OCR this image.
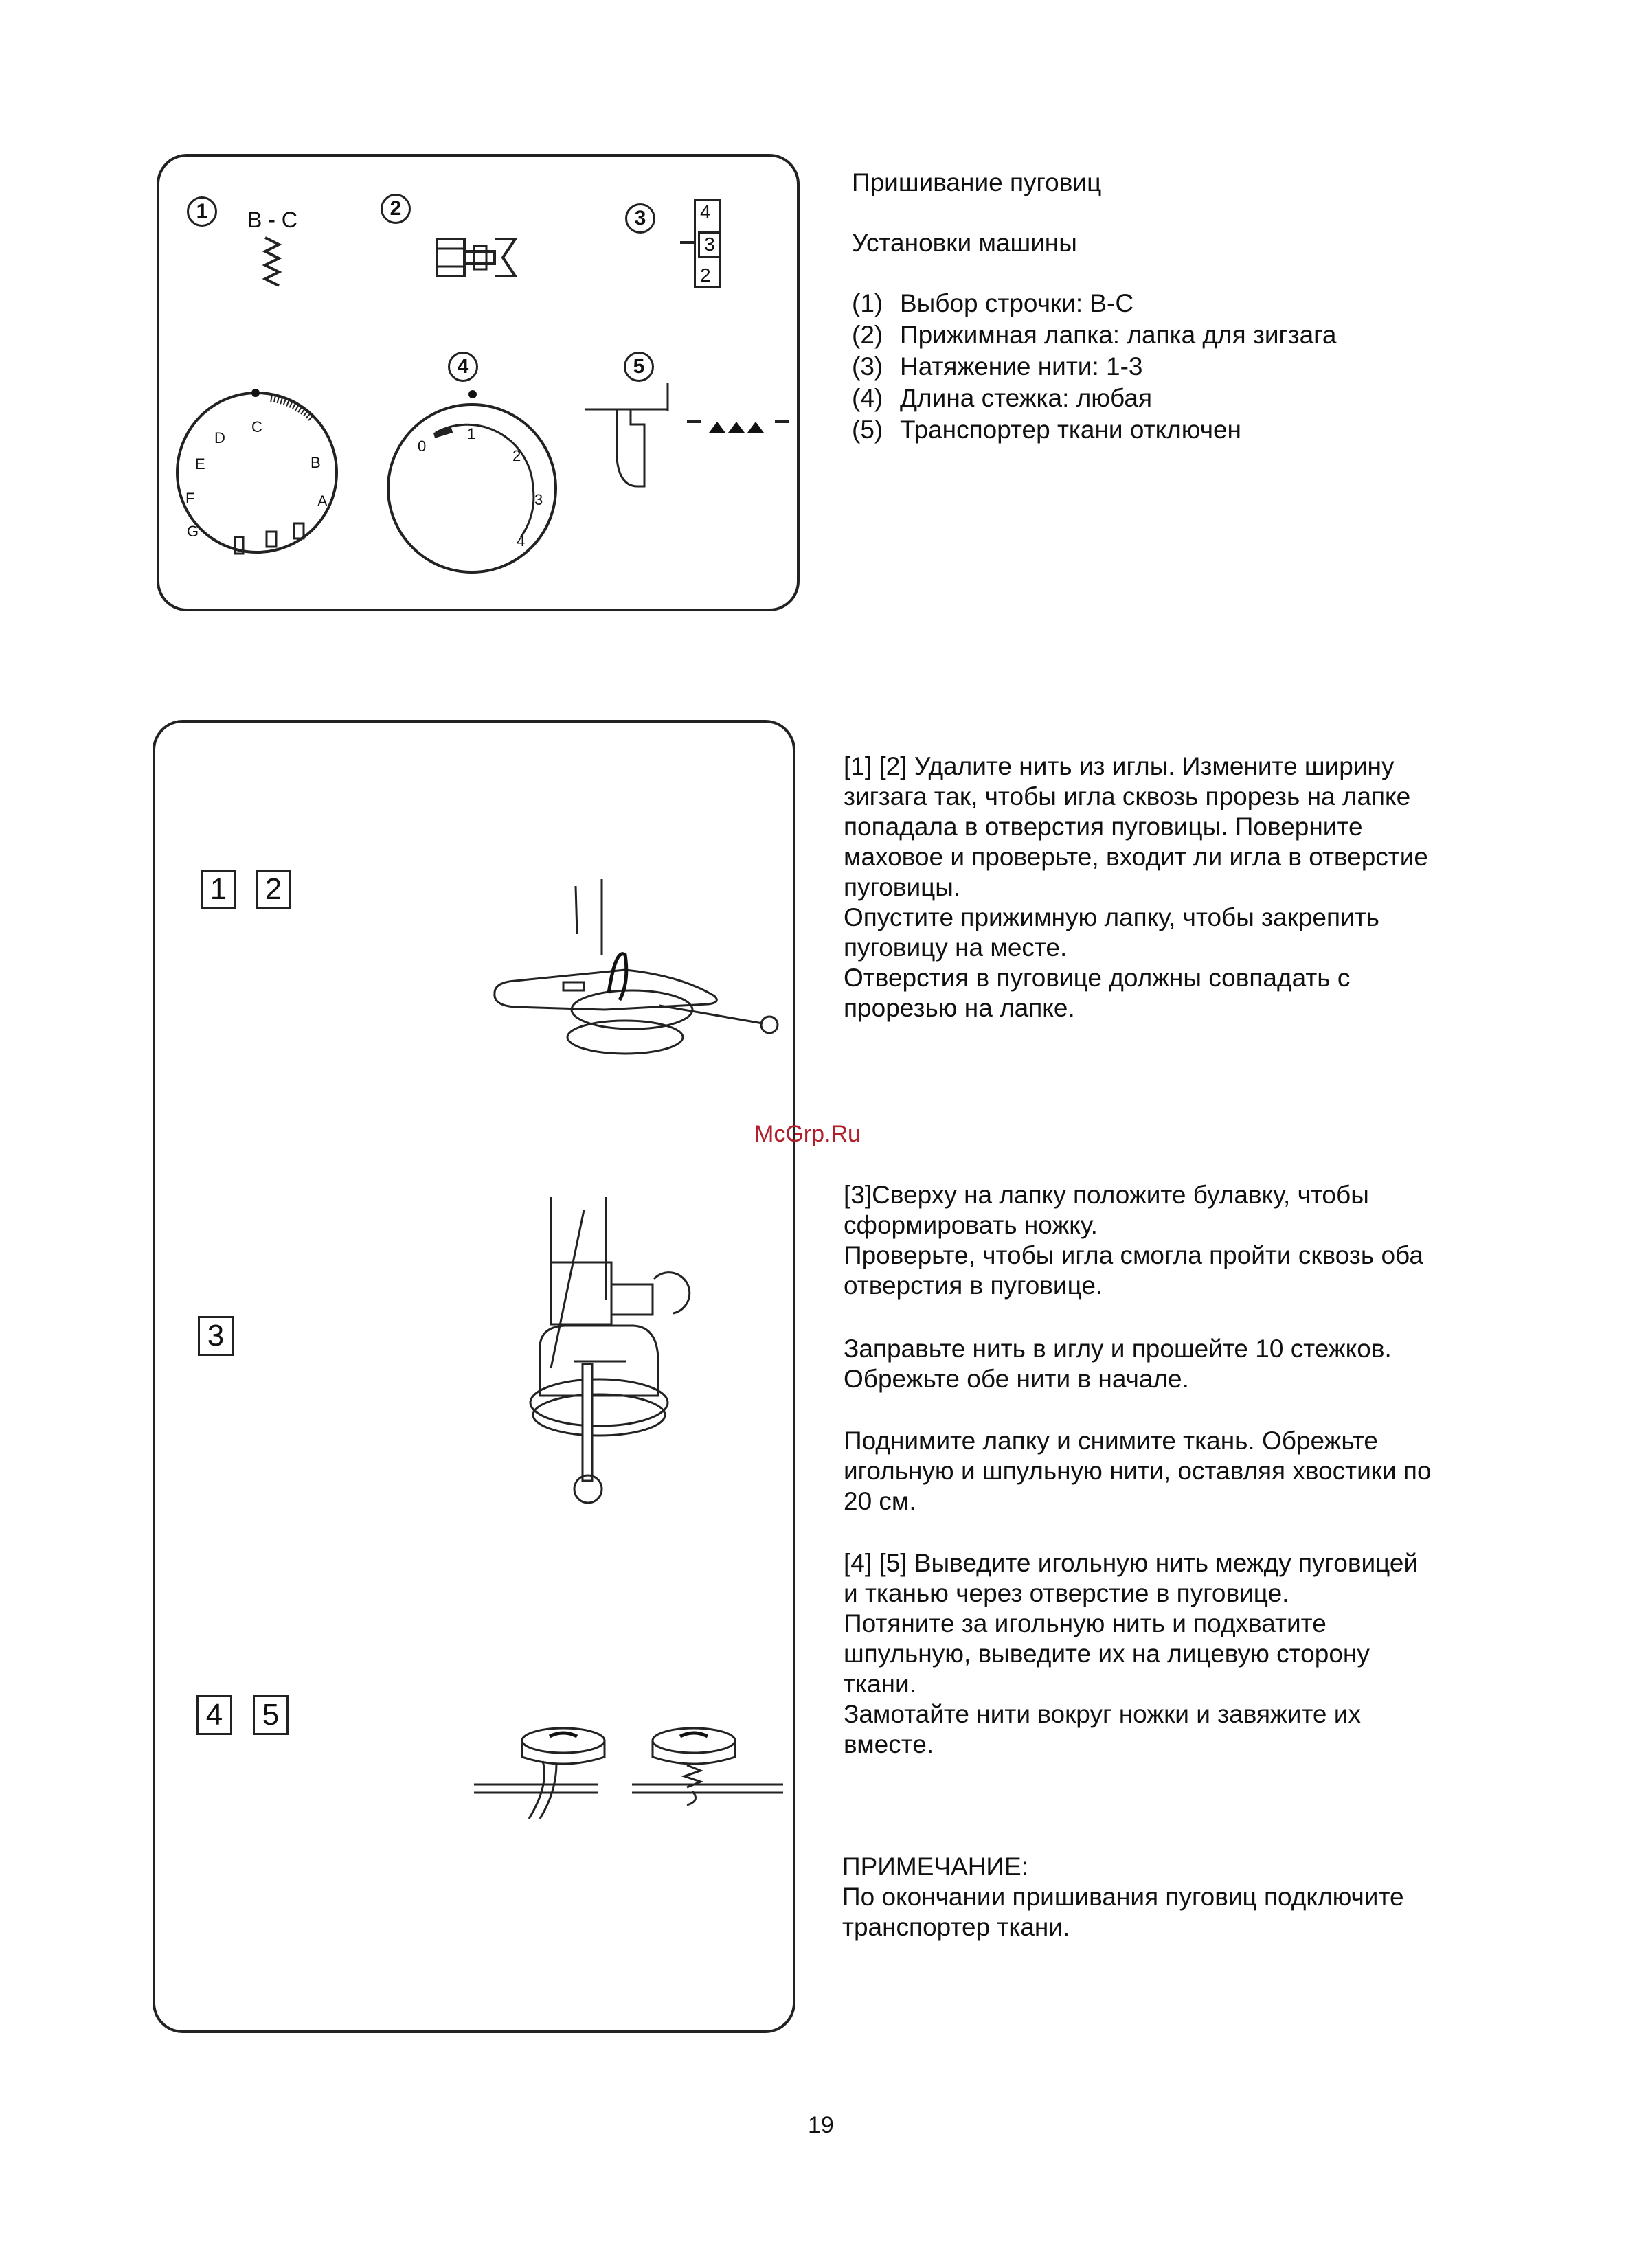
1	B - C	2	3	4
3
2
C
D
E
F
G
A
B
4
0
1
2
3
4
5
Пришивание пуговиц
Установки машины
(1) Выбор строчки: B-C
(2) Прижимная лапка: лапка для зигзага
(3) Натяжение нити: 1-3
(4) Длина стежка: любая
(5) Транспортер ткани отключен
1	2
3
4	5
[1] [2] Удалите нить из иглы. Измените ширину
зигзага так, чтобы игла сквозь прорезь на лапке
попадала в отверстия пуговицы. Поверните
маховое и проверьте, входит ли игла в отверстие
пуговицы.
Опустите прижимную лапку, чтобы закрепить
пуговицу на месте.
Отверстия в пуговице должны совпадать с
прорезью на лапке.
McGrp.Ru
[3]Сверху на лапку положите булавку, чтобы
сформировать ножку.
Проверьте, чтобы игла смогла пройти сквозь оба
отверстия в пуговице.
Заправьте нить в иглу и прошейте 10 стежков.
Обрежьте обе нити в начале.
Поднимите лапку и снимите ткань. Обрежьте
игольную и шпульную нити, оставляя хвостики по
20 см.
[4] [5] Выведите игольную нить между пуговицей
и тканью через отверстие в пуговице.
Потяните за игольную нить и подхватите
шпульную, выведите их на лицевую сторону
ткани.
Замотайте нити вокруг ножки и завяжите их
вместе.
ПРИМЕЧАНИЕ:
По окончании пришивания пуговиц подключите
транспортер ткани.
19
